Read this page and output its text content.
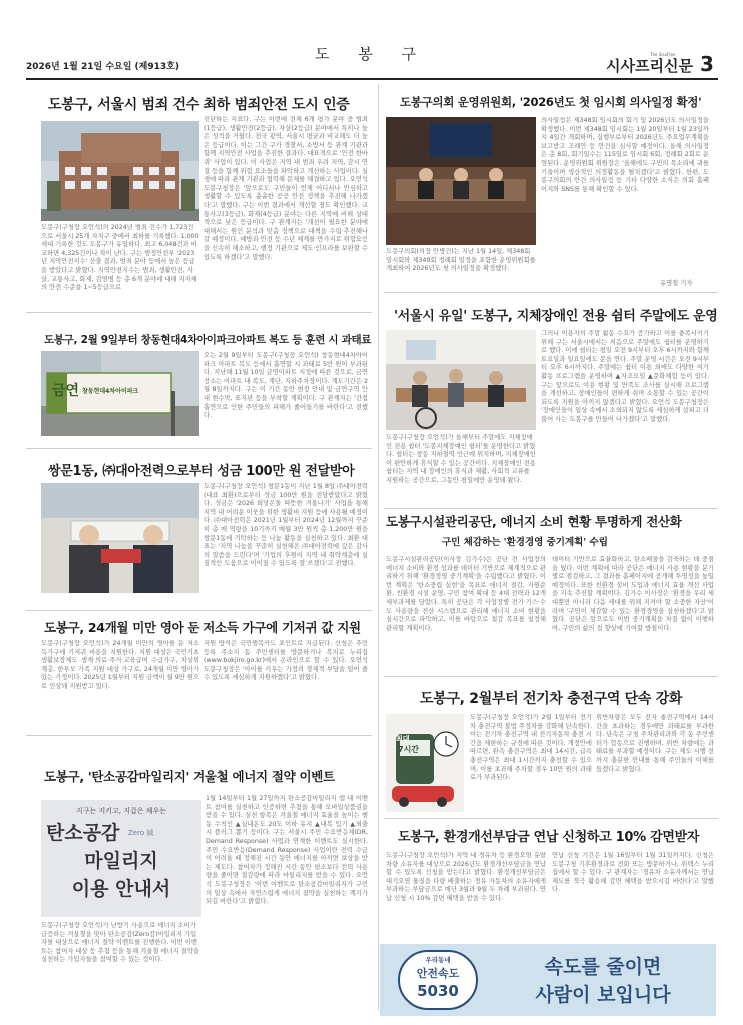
도 봉 구
2026년 1월 21일 수요일 (제913호)
The SisaFree
시사프리신문 3
도봉구, 서울시 범죄 건수 최하 범죄안전 도시 인증
도봉구(구청장 오언석)의 2024년 범죄 건수가 1,723건으로 서울시 25개 자치구 중에서 최하를 기록했다. 1,000세대 기록한 것도 도봉구가 유일하다. 최고 6,048건과 비교하면 4,325건이나 차이 난다. 구는 행정안전부 '2023년 지역안전지수' 산출 결과, 범죄 분야 등에서 높은 등급을 받았다고 밝혔다. 지역안전지수는 범죄, 생활안전, 자살, 교통사고, 화재, 감염병 등 총 6개 분야에 대해 지자체의 안전 수준을 1~5등급으로
진단하는 지표다. 구는 이번에 전체 6개 평가 분야 중 범죄(1등급), 생활안전(2등급), 자살(2등급) 분야에서 특히나 높은 성적을 거뒀다. 전국 광역, 서울시 평균과 비교해도 더 높은 등급이다. 이는 그간 구가 경찰서, 소방서 등 관계 기관과 함께 지역안전 사업을 추진한 결과다. 대표적으로 '안전 한바퀴' 사업이 있다. 이 사업은 지역 내 범죄 우려 지역, 감시 연결 등을 함께 위험 요소들을 파악하고 개선하는 사업이다. 실생에 따라 관계 기관과 협력해 문제를 해결하고 있다. 오언석 도봉구청장은 '앞으로도 구민들이 언제 어디서나 안심하고 생활할 수 있도록 촘촘한 공공 안전 정책을 추진해 나가겠다'고 말했다. 구는 이번 결과에서 개선할 점도 확인했다. 교통사고(3등급), 화재(4등급) 분야는 다른 지역에 비해 상대적으로 낮은 등급이다. 구 관계자는 '개선이 필요한 분야에 대해서는 원인 분석과 맞춤 정책으로 대책을 수립·추진해나갈 예정이다. 예방과 안전 등 수년 체계를 만가지로 위험요인을 신속히 해소하고, 행정 기관으로 제도·인프라를 보완할 수 있도록 하겠다'고 말했다.
도봉구, 2월 9일부터 창동현대4차아이파크아파트 복도 등 훈련 시 과태료
금연 창동현대4차아이파크
오는 2월 9일부터 도봉구(구청장 오언석) 창동현대4차아이파크 아파트 복도 등에서 흡연할 시 과태료 5만 원이 부과된다. 지난해 11월 10일 금연아파트 지정에 따른 것으로, 금연 장소는 아파트 내 복도, 계단, 지하주차장이다. 계도기간은 2월 8일까지다. 구는 이 기간 동안 현장 안내 및 금연구역 안내 현수막, 표지판 등을 부착할 계획이다. 구 관계자는 '간접흡연으로 인한 주민들의 피해가 줄어들기를 바란다'고 전했다.
쌍문1동, ㈜대아전력으로부터 성금 100만 원 전달받아
도봉구(구청장 오언석) 쌍문1동이 지난 1월 8일 ㈜대아전력(대표 최환)으로부터 성금 100만 원을 전달받았다고 밝혔다. 성금은 '2026 희망온돌 따뜻한 겨울나기' 사업을 통해 지역 내 어려운 이웃을 위한 생활비 지원 등에 사용될 예정이다. ㈜대아전력은 2021년 1월부터 2024년 12월까지 꾸준히 총 매 역량을 10기까지 매월 3만 원씩 총 1,200만 원을 쌍문1동에 기탁하는 등 나눔 활동을 실천하고 있다. 최환 대표는 '지역 나눔을 꾸준히 실천해온 ㈜대아전력에 깊은 감사의 말씀을 드린다'며 '기업의 후원이 지역 내 취약계층에 실질적인 도움으로 이어질 수 있도록 잘 쓰겠다'고 전했다.
도봉구, 24개월 미만 영아 둔 저소득 가구에 기저귀 값 지원
도봉구(구청장 오언석)가 24개월 미만의 영아를 둔 저소득가구에 기저귀 비용을 지원한다. 지원 대상은 국민기초생활보장제도 생계·의료·주거·교육급여 수급가구, 차상위 계층, 한부모 가족 지원 대상 가구로, 24개월 미만 영아가 있는 가정이다. 2025년 1월부터 지원 금액이 월 9만 원으로 인상돼 지원받고 있다.
지원 방식은 국민행복카드 포인트로 지급된다. 신청은 주민등록 주소지 동 주민센터를 방문하거나 복지로 누리집(www.bokjiro.go.kr)에서 온라인으로 할 수 있다. 오언석 도봉구청장은 '아이를 키우는 가정의 경제적 부담을 덜어 줄 수 있도록 세심하게 지원하겠다'고 밝혔다.
도봉구, '탄소공감마일리지' 겨울철 에너지 절약 이벤트
지구는 지키고, 지갑은 채우는
탄소공감 Zero 減
마일리지
이용 안내서
도봉구(구청장 오언석)가 난방기 사용으로 에너지 소비가 급증하는 겨울철을 맞아 탄소공감(Zero감)마일리지 가입자를 대상으로 에너지 절약 이벤트를 진행한다. 이번 이벤트는 참여자 대상 등 추첨 등을 통해 겨울철 에너지 절약을 실천하는 가입자들을 참여할 수 있는 것이다.
1월 14일부터 1월 27일까지 탄소공감마일리지 앱 내 이벤트 참여를 실천하고 인증하면 추첨을 통해 모바일상품권을 받을 수 있다. 실천 항목은 겨울철 에너지 효율을 높이는 행동 수칙인 ▲실내온도 20도 이하 유지 ▲내복 입기 ▲외출 시 플러그 뽑기 등이다. 구는 서울시 주민 수요반응제(DR, Demand Response) 사업과 연계한 이벤트도 실시한다. 주민 수요반응(Demand Response) 사업이란 전력 수급이 어려울 때 정해진 시간 동안 에너지를 아끼면 보상을 받는 제도다. 참여자가 정해진 시간 동안 평소보다 전력 사용량을 줄이면 절감량에 따라 마일리지를 받을 수 있다. 오언석 도봉구청장은 '이번 이벤트로 탄소공감마일리지가 구민의 일상 속에서 자연스럽게 에너지 절약을 실천하는 계기가 되길 바란다'고 밝혔다.
도봉구의회 운영위원회, '2026년도 첫 임시회 의사일정 확정'
도봉구의회(의장 안병건)는 지난 1월 14일, 제348회 임시회와 제349회 정례회 일정을 포함한 운영위원회를 개최하여 2026년도 첫 의사일정을 확정했다.
의사일정은 제348회 임시회의 회기 및 2026년도 의사일정을 확정했다. 이번 제348회 임시회는 1월 20일부터 1월 23일까지 4일간 개회하며, 집행부로부터 2026년도 주요업무계획을 보고받고 조례안 등 안건을 심사할 예정이다. 올해 의사일정은 총 8회, 회기일수는 115일로 임시회 6회, 정례회 2회로 운영된다. 운영위원회 위원장은 '올해에도 구민의 목소리에 귀를 기울이며 생산적인 의정활동을 펼치겠다'고 밝혔다. 한편, 도봉구의회의 안건 의사일정 등 기타 다양한 소식은 의회 홈페이지와 SNS를 통해 확인할 수 있다.
유명철 기자
'서울시 유일' 도봉구, 지체장애인 전용 쉼터 주말에도 운영
도봉구(구청장 오언석)가 올해부터 주말에도 지체장애인 전용 쉼터 '도봉지체장애인 쉼터'를 운영한다고 밝혔다. 쉼터는 창동 지하철역 인근에 위치하며, 지체장애인이 편안하게 휴식할 수 있는 공간이다. 지체장애인 전용 쉼터는 지역 내 장애인의 휴식과 재활, 사회적 교류를 지원하는 공간으로, 그동안 평일에만 운영돼 왔다.
그러나 이용자의 주말 활동 수요가 증가하고 이를 충족시키기 위해 구는 서울시에서는 처음으로 주말에도 쉼터를 운영하기로 했다. 이에 쉼터는 평일 오전 9시부터 오후 6시까지와 함께 토요일과 일요일에도 문을 연다. 주말 운영 시간은 오전 9시부터 오후 6시까지다. 주말에는 쉼터 이용 외에도 다양한 여가 활동 프로그램을 운영하며 ▲자조모임 ▲문화체험 등이 있다. 구는 앞으로도 이용 현황 및 만족도 조사를 실시해 프로그램을 개선하고, 장애인들이 편하게 쉬며 소통할 수 있는 공간이 되도록 지원을 아끼지 않겠다고 밝혔다. 오언석 도봉구청장은 '장애인들이 일상 속에서 소외되지 않도록 세심하게 살피고 더불어 사는 도봉구를 만들어 나가겠다'고 말했다.
도봉구시설관리공단, 에너지 소비 현황 투명하게 전산화
구민 체감하는 '환경경영 중기계획' 수립
도봉구시설관리공단(이사장 김가수)은 공단 전 사업장의 에너지 소비와 환경 성과를 데이터 기반으로 체계적으로 관리하기 위해 '환경경영 중기계획'을 수립했다고 밝혔다. 이번 계획은 '탄소중립 실현'을 목표로 에너지 절감, 자원순환, 친환경 시설 운영, 구민 참여 확대 등 4대 전략과 12개 세부과제를 담았다. 특히 공단은 각 사업장별 전기·가스·수도 사용량을 전산 시스템으로 관리해 에너지 소비 현황을 실시간으로 파악하고, 이를 바탕으로 절감 목표를 설정해 관리할 계획이다.
데이터 기반으로 효율화하고, 탄소배출을 감축하는 데 중점을 뒀다. 이번 계획에 따라 공단은 에너지 사용 현황을 분기별로 점검하고, 그 결과를 홈페이지에 공개해 투명성을 높일 예정이다. 또한 친환경 설비 도입과 에너지 효율 개선 사업을 지속 추진할 계획이다. 김가수 이사장은 '환경을 우리 세대뿐만 아니라 다음 세대를 위해 지켜야 할 소중한 자산'이라며 '구민이 체감할 수 있는 환경경영을 실천하겠다'고 밝혔다. 공단은 앞으로도 이번 중기계획을 차질 없이 이행하여, 구민의 삶의 질 향상에 기여할 방침이다.
도봉구, 2월부터 전기차 충전구역 단속 강화
최대
7시간
도봉구(구청장 오언석)가 2월 1일부터 전기차 충전구역 불법 주정차를 강화해 단속한다. 이는 전기차 충전구역 내 전기자동차 충전 시간을 제한하는 규정에 따른 것이다. 개정안에 따르면, 완속 충전구역은 최대 14시간, 급속 충전구역은 최대 1시간까지 충전할 수 있으며, 이를 초과해 주차할 경우 10만 원의 과태료가 부과된다.
위반차량은 모두 전자 충전구역에서 14시간을 초과하는 경우에만 과태료를 부과한다. 단속은 구청 주차관리과와 각 동 주민센터가 합동으로 진행하며, 위반 차량에는 과태료를 부과할 예정이다. 구는 제도 시행 전까지 충분한 안내를 통해 주민들의 이해를 돕겠다고 밝혔다.
도봉구, 환경개선부담금 연납 신청하고 10% 감면받자
도봉구(구청장 오언석)가 지역 내 경유차 등 환경오염 유발 차량 소유자를 대상으로 2026년도 환경개선부담금을 연납할 수 있도록 신청을 받는다고 밝혔다. 환경개선부담금은 대기오염 물질을 다량 배출하는 경유 자동차의 소유자에게 부과하는 부담금으로 매년 3월과 9월 두 차례 부과된다. 연납 신청 시 10% 감면 혜택을 받을 수 있다.
연납 신청 기간은 1월 16일부터 1월 31일까지다. 신청은 도봉구청 기후환경과로 전화 또는 방문하거나, 위택스 누리집에서 할 수 있다. 구 관계자는 '경유차 소유자께서는 연납 제도를 적극 활용해 감면 혜택을 받으시길 바란다'고 말했다.
우리동네
안전속도
5030
속도를 줄이면
사람이 보입니다
